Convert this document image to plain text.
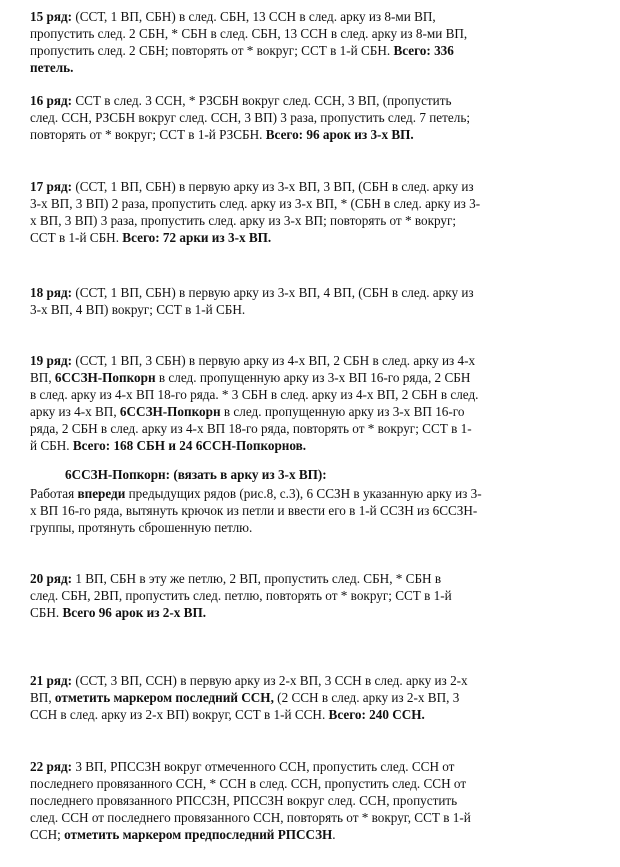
15 ряд: (ССТ, 1 ВП, СБН) в след. СБН, 13 ССН в след. арку из 8-ми ВП,
пропустить след. 2 СБН, * СБН в след. СБН, 13 ССН в след. арку из 8-ми ВП,
пропустить след. 2 СБН; повторять от * вокруг; ССТ в 1-й СБН. Всего: 336
петель.
16 ряд: ССТ в след. 3 ССН, * РЗСБН вокруг след. ССН, 3 ВП, (пропустить
след. ССН, РЗСБН вокруг след. ССН, 3 ВП) 3 раза, пропустить след. 7 петель;
повторять от * вокруг; ССТ в 1-й РЗСБН. Всего: 96 арок из 3-х ВП.
17 ряд: (ССТ, 1 ВП, СБН) в первую арку из 3-х ВП, 3 ВП, (СБН в след. арку из
3-х ВП, 3 ВП) 2 раза, пропустить след. арку из 3-х ВП, * (СБН в след. арку из 3-
х ВП, 3 ВП) 3 раза, пропустить след. арку из 3-х ВП; повторять от * вокруг;
ССТ в 1-й СБН. Всего: 72 арки из 3-х ВП.
18 ряд: (ССТ, 1 ВП, СБН) в первую арку из 3-х ВП, 4 ВП, (СБН в след. арку из
3-х ВП, 4 ВП) вокруг; ССТ в 1-й СБН.
19 ряд: (ССТ, 1 ВП, 3 СБН) в первую арку из 4-х ВП, 2 СБН в след. арку из 4-х
ВП, 6ССЗН-Попкорн в след. пропущенную арку из 3-х ВП 16-го ряда, 2 СБН
в след. арку из 4-х ВП 18-го ряда. * 3 СБН в след. арку из 4-х ВП, 2 СБН в след.
арку из 4-х ВП, 6ССЗН-Попкорн в след. пропущенную арку из 3-х ВП 16-го
ряда, 2 СБН в след. арку из 4-х ВП 18-го ряда, повторять от * вокруг; ССТ в 1-
й СБН. Всего: 168 СБН и 24 6ССН-Попкорнов.
6ССЗН-Попкорн: (вязать в арку из 3-х ВП):
Работая впереди предыдущих рядов (рис.8, с.3), 6 ССЗН в указанную арку из 3-
х ВП 16-го ряда, вытянуть крючок из петли и ввести его в 1-й ССЗН из 6ССЗН-
группы, протянуть сброшенную петлю.
20 ряд: 1 ВП, СБН в эту же петлю, 2 ВП, пропустить след. СБН, * СБН в
след. СБН, 2ВП, пропустить след. петлю, повторять от * вокруг; ССТ в 1-й
СБН. Всего 96 арок из 2-х ВП.
21 ряд: (ССТ, 3 ВП, ССН) в первую арку из 2-х ВП, 3 ССН в след. арку из 2-х
ВП, отметить маркером последний ССН, (2 ССН в след. арку из 2-х ВП, 3
ССН в след. арку из 2-х ВП) вокруг, ССТ в 1-й ССН. Всего: 240 ССН.
22 ряд: 3 ВП, РПССЗН вокруг отмеченного ССН, пропустить след. ССН от
последнего провязанного ССН, * ССН в след. ССН, пропустить след. ССН от
последнего провязанного РПССЗН, РПССЗН вокруг след. ССН, пропустить
след. ССН от последнего провязанного ССН, повторять от * вокруг, ССТ в 1-й
ССН; отметить маркером предпоследний РПССЗН.
